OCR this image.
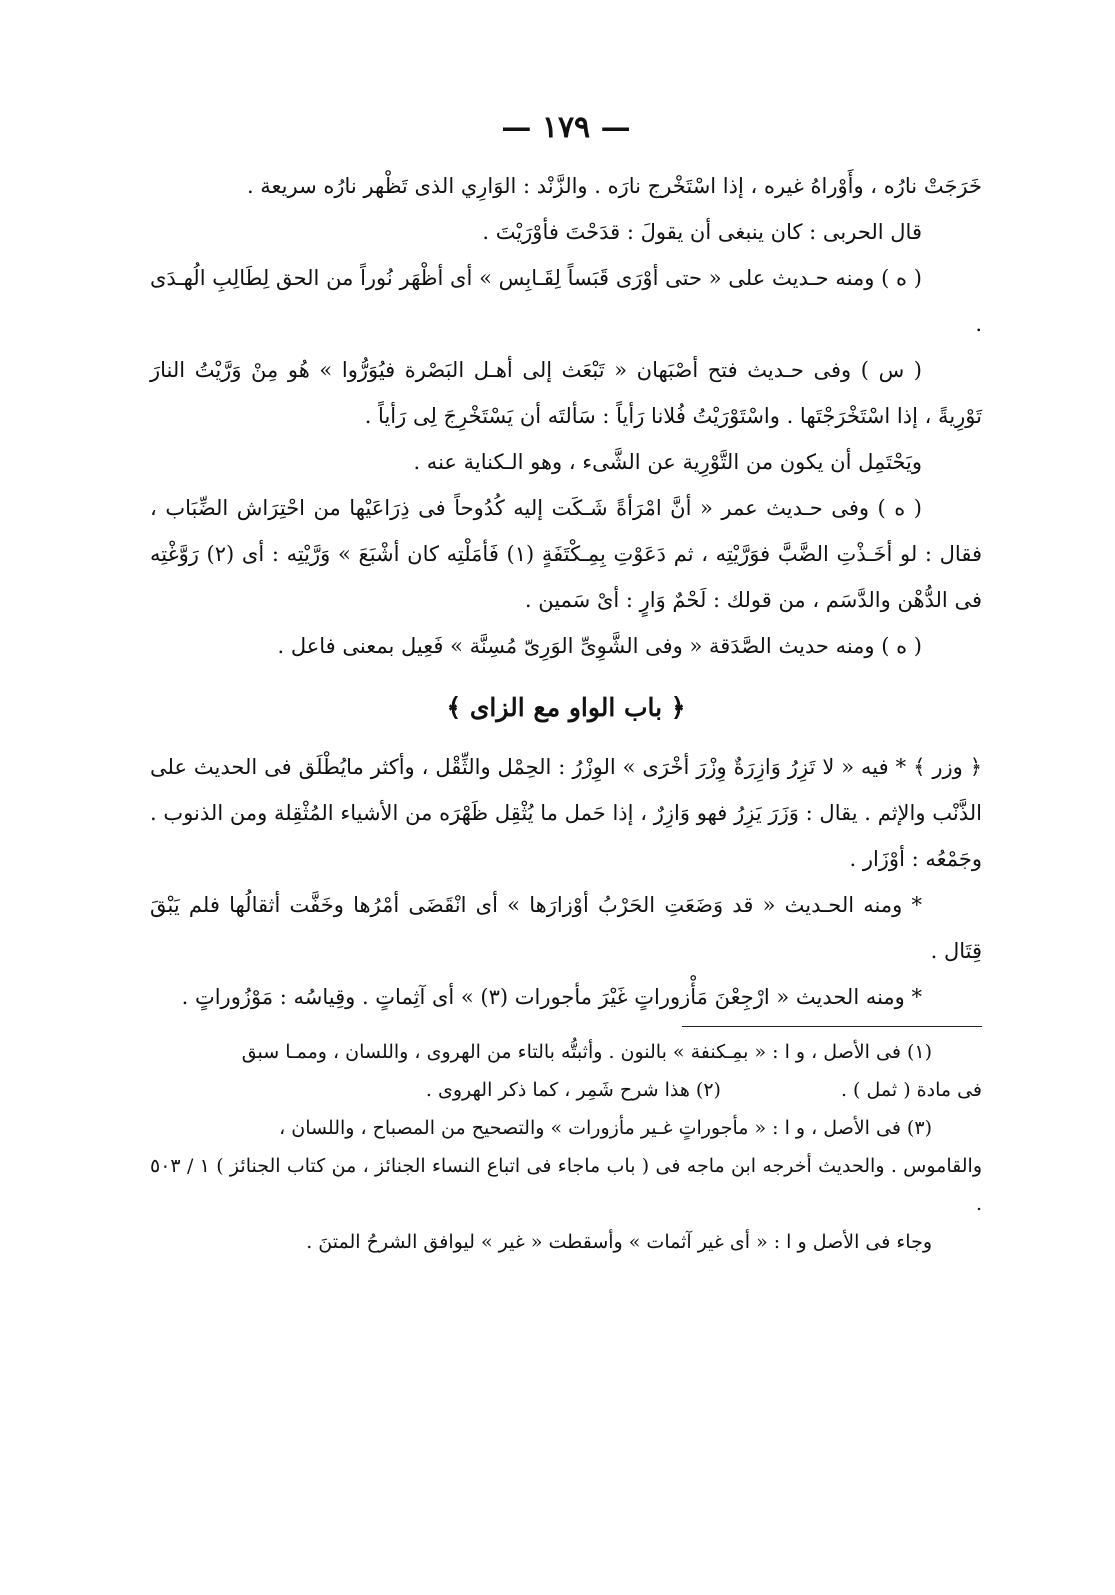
— ١٧٩ —

خَرَجَتْ نارُه ، وأَوْراهُ غيره ، إذا اسْتَخْرج نارَه . والزَّنْد : الوَارِي الذى تَظْهر نارُه سريعة .

قال الحربى : كان ينبغى أن يقولَ : قدَحْتَ فأوْرَيْتَ .

( ه ) ومنه حـديث على « حتى أوْرَى قَبَساً لِقَـابِس » أى أظْهَر نُوراً من الحق لِطَالِبِ الُهـدَى .

( س ) وفى حـديث فتح أصْبَهان « تَبْعَث إلى أهـل البَصْرة فيُوَرُّوا » هُو مِنْ وَرَّيْتُ النارَ تَوْرِيةً ، إذا اسْتَخْرَجْتَها . واسْتَوْرَيْتُ فُلانا رَأياً : سَألتَه أن يَسْتَخْرِجَ لِى رَأياً .

ويَحْتَمِل أن يكون من التَّوْرِية عن الشَّىء ، وهو الـكناية عنه .

( ه ) وفى حـديث عمر « أنَّ امْرَأةً شَـكَت إليه كُدُوحاً فى ذِرَاعَيْها من احْتِرَاش الضِّبَاب ، فقال : لو أخَـذْتِ الضَّبَّ فوَرَّيْتِه ، ثم دَعَوْتِ بِمِـكْتَفَةٍ (١) فَأمَلْتِه كان أشْبَعَ » وَرَّيْتِه : أى (٢) رَوَّغْتِه فى الدُّهْن والدَّسَم ، من قولك : لَحْمٌ وَارٍ : أىْ سَمين .

( ه ) ومنه حديث الصَّدَقة « وفى الشَّوِىِّ الوَرِىّ مُسِنَّة » فَعِيل بمعنى فاعل .

﴿ باب الواو مع الزاى ﴾

﴿ وزر ﴾ * فيه « لا تَزِرُ وَازِرَةٌ وِزْرَ أخْرَى » الوِزْرُ : الحِمْل والثِّقْل ، وأكثر مايُطْلَق فى الحديث على الذَّنْب والإثم . يقال : وَزَرَ يَزِرُ فهو وَازِرٌ ، إذا حَمل ما يُثْقِل ظَهْرَه من الأشياء المُثْقِلة ومن الذنوب . وجَمْعُه : أوْزَار .

* ومنه الحـديث « قد وَضَعَتِ الحَرْبُ أوْزارَها » أى انْقَضَى أمْرُها وخَفَّت أثقالُها فلم يَبْقَ قِتَال .

* ومنه الحديث « ارْجِعْنَ مَأْزوراتٍ غَيْرَ مأجورات (٣) » أى آثِماتٍ . وقِياسُه : مَوْزُوراتٍ .

(١) فى الأصل ، و ا : « بمِـكنفة » بالنون . وأثبتُّه بالتاء من الهروى ، واللسان ، وممـا سبق

فى مادة ( ثمل ) .(٢) هذا شرح شَمِر ، كما ذكر الهروى .

(٣) فى الأصل ، و ا : « مأجوراتٍ غـير مأزورات » والتصحيح من المصباح ، واللسان ،

والقاموس . والحديث أخرجه ابن ماجه فى ( باب ماجاء فى اتباع النساء الجنائز ، من كتاب الجنائز ) ١ / ٥٠٣ .

وجاء فى الأصل و ا : « أى غير آثمات » وأسقطت « غير » ليوافق الشرحُ المتنَ .
